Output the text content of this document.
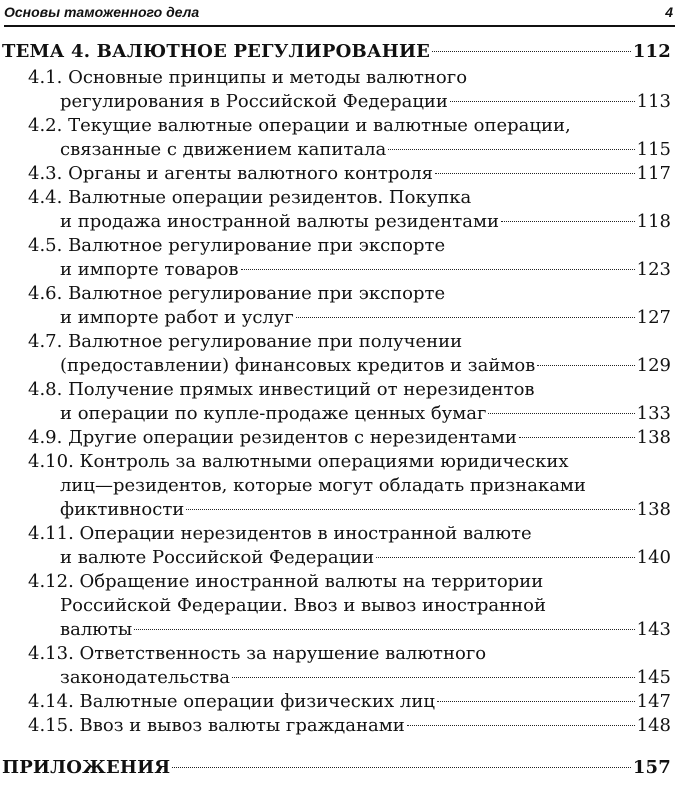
Основы таможенного дела	4
ТЕМА 4. ВАЛЮТНОЕ РЕГУЛИРОВАНИЕ	112
4.1. Основные принципы и методы валютного
регулирования в Российской Федерации	113
4.2. Текущие валютные операции и валютные операции,
связанные с движением капитала	115
4.3. Органы и агенты валютного контроля	117
4.4. Валютные операции резидентов. Покупка
и продажа иностранной валюты резидентами	118
4.5. Валютное регулирование при экспорте
и импорте товаров	123
4.6. Валютное регулирование при экспорте
и импорте работ и услуг	127
4.7. Валютное регулирование при получении
(предоставлении) финансовых кредитов и займов	129
4.8. Получение прямых инвестиций от нерезидентов
и операции по купле-продаже ценных бумаг	133
4.9. Другие операции резидентов с нерезидентами	138
4.10. Контроль за валютными операциями юридических
лиц—резидентов, которые могут обладать признаками
фиктивности	138
4.11. Операции нерезидентов в иностранной валюте
и валюте Российской Федерации	140
4.12. Обращение иностранной валюты на территории
Российской Федерации. Ввоз и вывоз иностранной
валюты	143
4.13. Ответственность за нарушение валютного
законодательства	145
4.14. Валютные операции физических лиц	147
4.15. Ввоз и вывоз валюты гражданами	148
ПРИЛОЖЕНИЯ	157
